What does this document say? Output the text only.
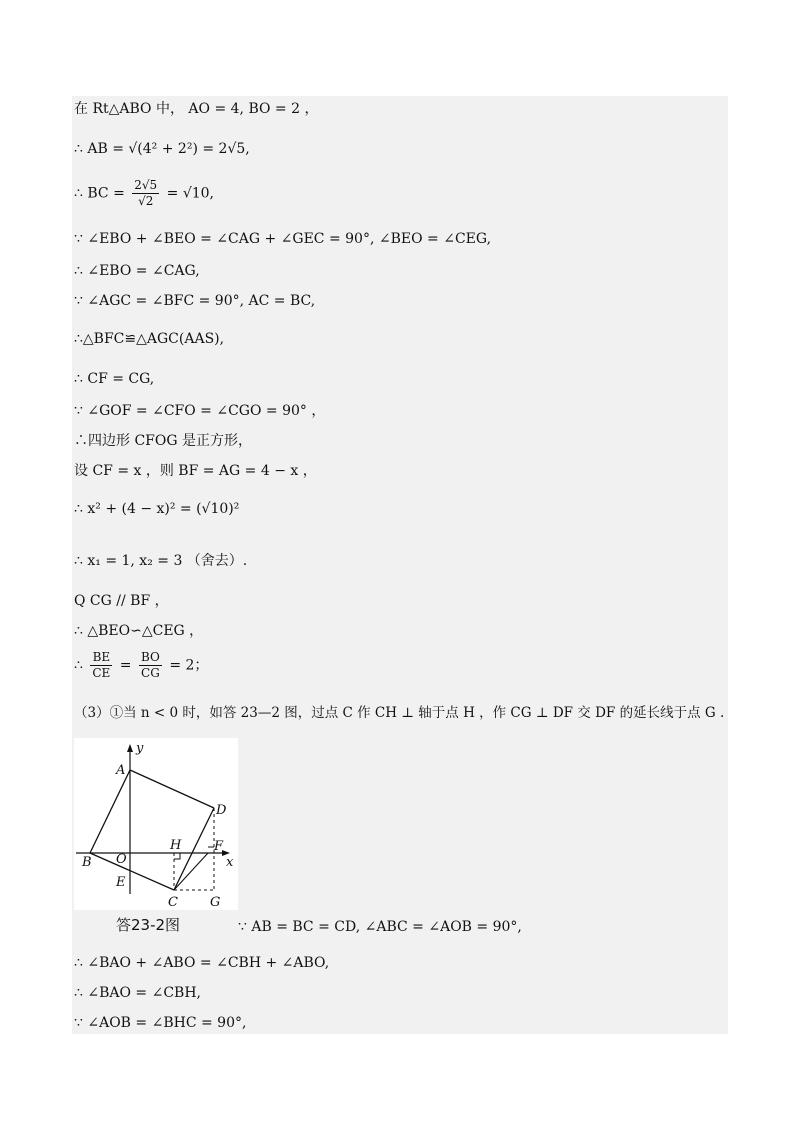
在 Rt△ABO 中， AO = 4, BO = 2 ，
∴ AB = √(4² + 2²) = 2√5,
∴ BC = $\frac{2√5}{√2} = √10$,
∵ ∠EBO + ∠BEO = ∠CAG + ∠GEC = 90°, ∠BEO = ∠CEG,
∴ ∠EBO = ∠CAG,
∵ ∠AGC = ∠BFC = 90°, AC = BC,
∴△BFC≌△AGC(AAS),
∴ CF = CG,
∵ ∠GOF = ∠CFO = ∠CGO = 90° ，
∴四边形 CFOG 是正方形，
设 CF = x ，则 BF = AG = 4 − x ，
∴ x² + (4 − x)² = (√10)²
∴ x₁ = 1, x₂ = 3 （舍去）.
Q CG // BF ，
∴ △BEO∽△CEG ，
∴ $\frac{BE}{CE} = \frac{BO}{CG} = 2$；
（3）①当 n < 0 时，如答 23—2 图，过点 C 作 CH ⊥ 轴于点 H ，作 CG ⊥ DF 交 DF 的延长线于点 G .
y
A
D
H	F
x
B O
E
C G
答23-2图	∵ AB = BC = CD, ∠ABC = ∠AOB = 90°,
∴ ∠BAO + ∠ABO = ∠CBH + ∠ABO,
∴ ∠BAO = ∠CBH,
∵ ∠AOB = ∠BHC = 90°,
